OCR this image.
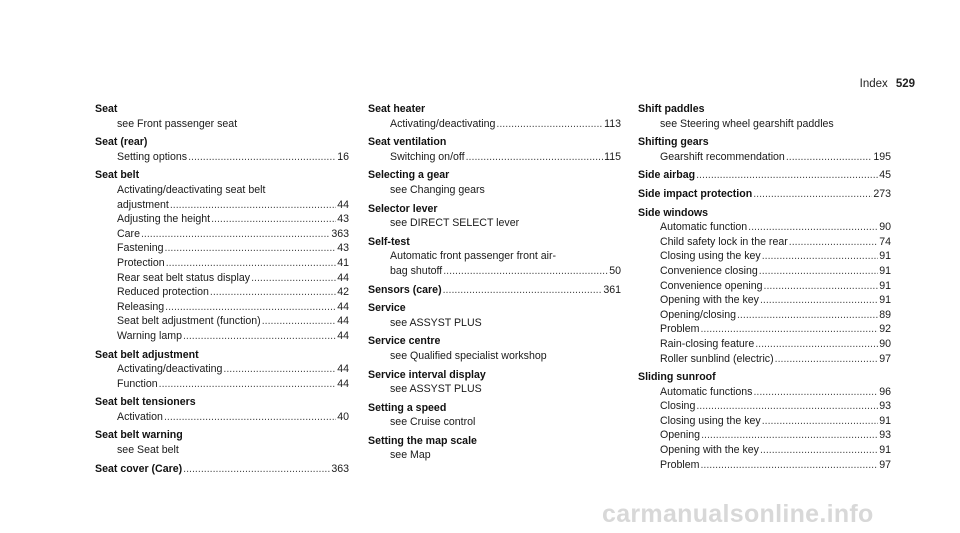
Index 529
Seat
see Front passenger seat
Seat (rear)
Setting options .....	16
Seat belt
Activating/deactivating seat belt
adjustment .....	44
Adjusting the height .....	43
Care .....	363
Fastening .....	43
Protection .....	41
Rear seat belt status display .....	44
Reduced protection .....	42
Releasing .....	44
Seat belt adjustment (function) .....	44
Warning lamp .....	44
Seat belt adjustment
Activating/deactivating .....	44
Function .....	44
Seat belt tensioners
Activation .....	40
Seat belt warning
see Seat belt
Seat cover (Care) .....	363
Seat heater
Activating/deactivating .....	113
Seat ventilation
Switching on/off .....	115
Selecting a gear
see Changing gears
Selector lever
see DIRECT SELECT lever
Self-test
Automatic front passenger front air-
bag shutoff .....	50
Sensors (care) .....	361
Service
see ASSYST PLUS
Service centre
see Qualified specialist workshop
Service interval display
see ASSYST PLUS
Setting a speed
see Cruise control
Setting the map scale
see Map
Shift paddles
see Steering wheel gearshift paddles
Shifting gears
Gearshift recommendation .....	195
Side airbag .....	45
Side impact protection .....	273
Side windows
Automatic function .....	90
Child safety lock in the rear .....	74
Closing using the key .....	91
Convenience closing .....	91
Convenience opening .....	91
Opening with the key .....	91
Opening/closing .....	89
Problem .....	92
Rain-closing feature .....	90
Roller sunblind (electric) .....	97
Sliding sunroof
Automatic functions .....	96
Closing .....	93
Closing using the key .....	91
Opening .....	93
Opening with the key .....	91
Problem .....	97
carmanualsonline.info
